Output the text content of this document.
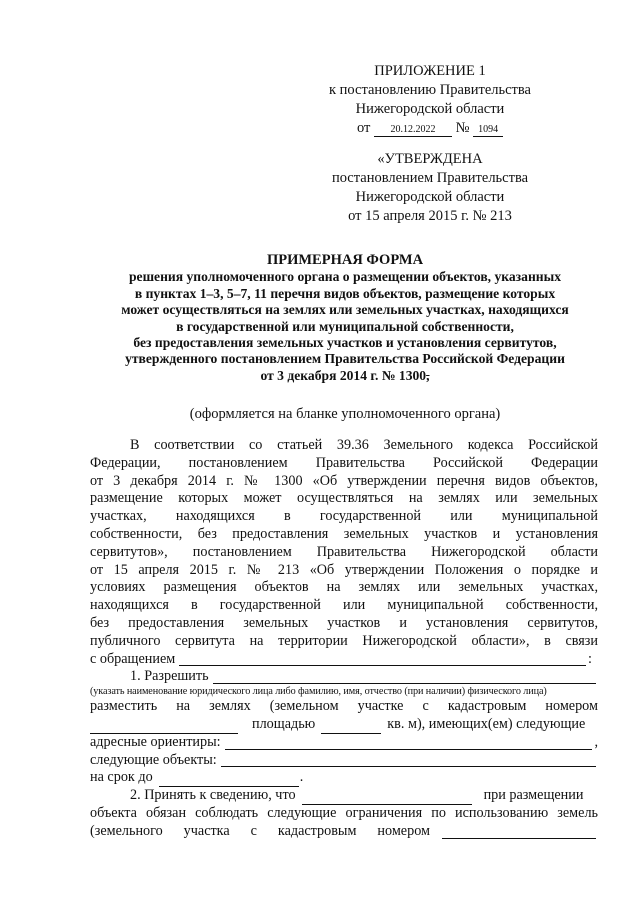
ПРИЛОЖЕНИЕ 1
к постановлению Правительства
Нижегородской области
от 20.12.2022 № 1094
«УТВЕРЖДЕНА
постановлением Правительства
Нижегородской области
от 15 апреля 2015 г. № 213
ПРИМЕРНАЯ ФОРМА
решения уполномоченного органа о размещении объектов, указанных
в пунктах 1–3, 5–7, 11 перечня видов объектов, размещение которых
может осуществляться на землях или земельных участках, находящихся
в государственной или муниципальной собственности,
без предоставления земельных участков и установления сервитутов,
утвержденного постановлением Правительства Российской Федерации
от 3 декабря 2014 г. № 1300,
(оформляется на бланке уполномоченного органа)
В соответствии со статьей 39.36 Земельного кодекса Российской
Федерации, постановлением Правительства Российской Федерации
от 3 декабря 2014 г. № 1300 «Об утверждении перечня видов объектов,
размещение которых может осуществляться на землях или земельных
участках, находящихся в государственной или муниципальной
собственности, без предоставления земельных участков и установления
сервитутов», постановлением Правительства Нижегородской области
от 15 апреля 2015 г. № 213 «Об утверждении Положения о порядке и
условиях размещения объектов на землях или земельных участках,
находящихся в государственной или муниципальной собственности,
без предоставления земельных участков и установления сервитутов,
публичного сервитута на территории Нижегородской области», в связи
с обращением	:
1. Разрешить
(указать наименование юридического лица либо фамилию, имя, отчество (при наличии) физического лица)
разместить на землях (земельном участке с кадастровым номером
площадью	кв. м), имеющих(ем) следующие
адресные ориентиры:	,
следующие объекты:
на срок до	.
2. Принять к сведению, что	при размещении
объекта обязан соблюдать следующие ограничения по использованию земель
(земельного участка с кадастровым номером
